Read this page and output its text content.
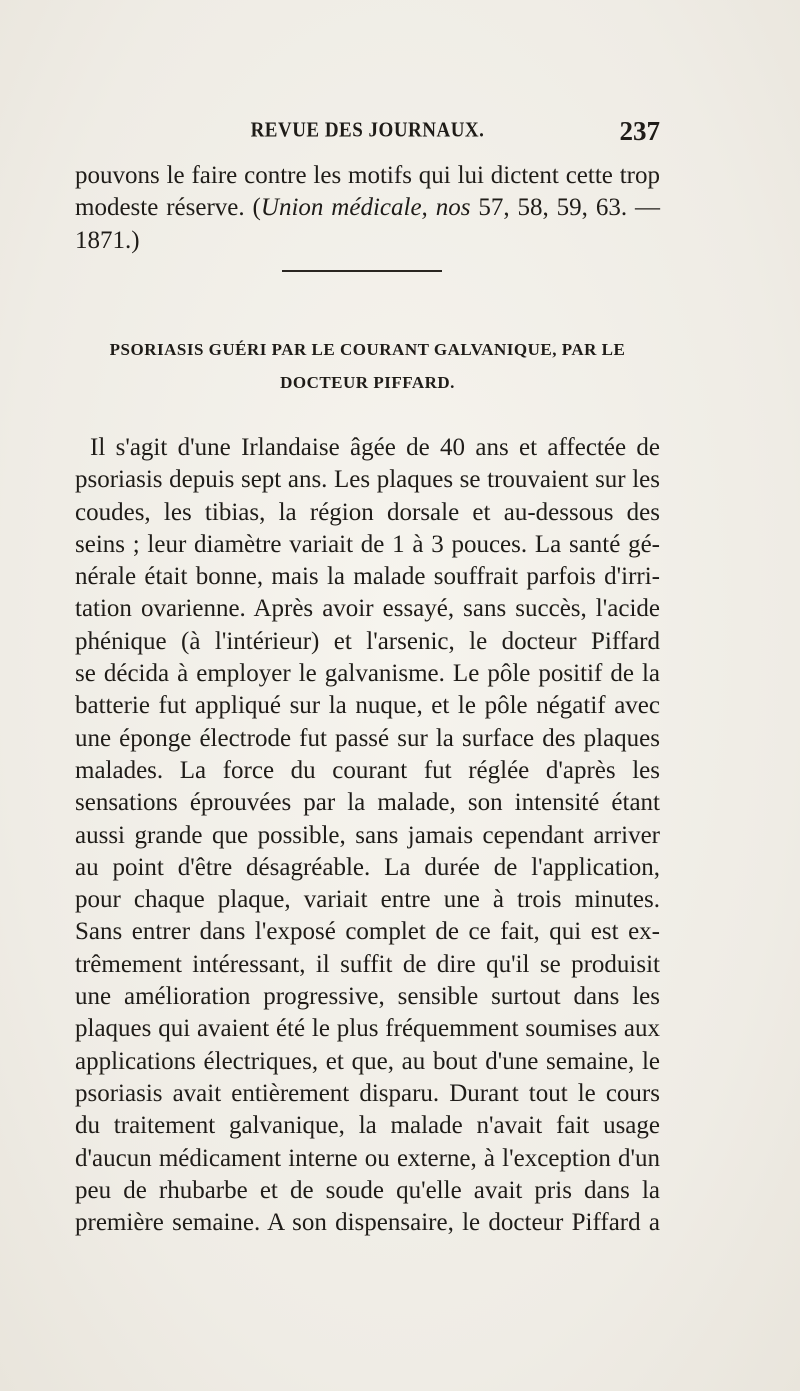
REVUE DES JOURNAUX.	237
pouvons le faire contre les motifs qui lui dictent cette trop
modeste réserve. (Union médicale, nos 57, 58, 59, 63. —
1871.)
PSORIASIS GUÉRI PAR LE COURANT GALVANIQUE, PAR LE
DOCTEUR PIFFARD.
Il s'agit d'une Irlandaise âgée de 40 ans et affectée de
psoriasis depuis sept ans. Les plaques se trouvaient sur les
coudes, les tibias, la région dorsale et au-dessous des
seins ; leur diamètre variait de 1 à 3 pouces. La santé gé-
nérale était bonne, mais la malade souffrait parfois d'irri-
tation ovarienne. Après avoir essayé, sans succès, l'acide
phénique (à l'intérieur) et l'arsenic, le docteur Piffard
se décida à employer le galvanisme. Le pôle positif de la
batterie fut appliqué sur la nuque, et le pôle négatif avec
une éponge électrode fut passé sur la surface des plaques
malades. La force du courant fut réglée d'après les
sensations éprouvées par la malade, son intensité étant
aussi grande que possible, sans jamais cependant arriver
au point d'être désagréable. La durée de l'application,
pour chaque plaque, variait entre une à trois minutes.
Sans entrer dans l'exposé complet de ce fait, qui est ex-
trêmement intéressant, il suffit de dire qu'il se produisit
une amélioration progressive, sensible surtout dans les
plaques qui avaient été le plus fréquemment soumises aux
applications électriques, et que, au bout d'une semaine, le
psoriasis avait entièrement disparu. Durant tout le cours
du traitement galvanique, la malade n'avait fait usage
d'aucun médicament interne ou externe, à l'exception d'un
peu de rhubarbe et de soude qu'elle avait pris dans la
première semaine. A son dispensaire, le docteur Piffard a
